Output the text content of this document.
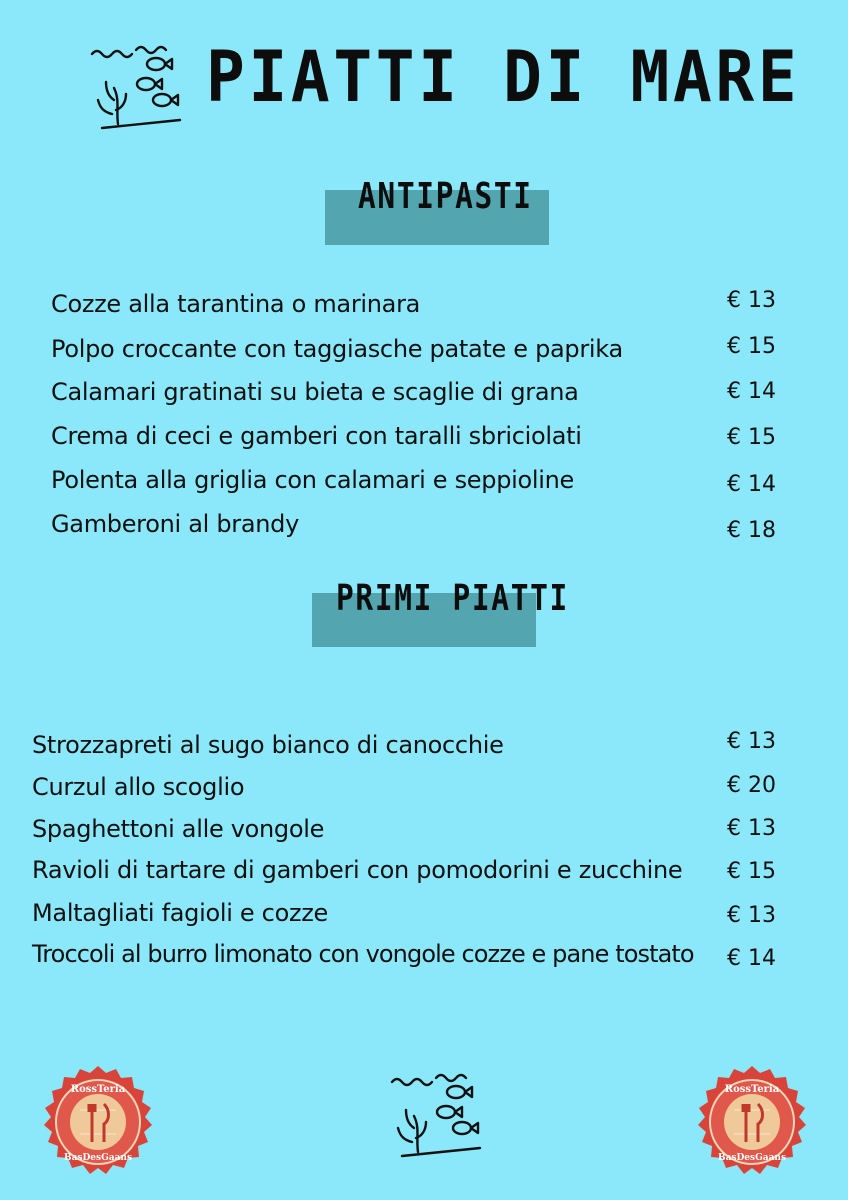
PIATTI DI MARE
ANTIPASTI
Cozze alla tarantina o marinara	€ 13
Polpo croccante con taggiasche patate e paprika	€ 15
Calamari gratinati su bieta e scaglie di grana	€ 14
Crema di ceci e gamberi con taralli sbriciolati	€ 15
Polenta alla griglia con calamari e seppioline	€ 14
Gamberoni al brandy	€ 18
PRIMI PIATTI
Strozzapreti al sugo bianco di canocchie	€ 13
Curzul allo scoglio	€ 20
Spaghettoni alle vongole	€ 13
Ravioli di tartare di gamberi con pomodorini e zucchine € 15
Maltagliati fagioli e cozze	€ 13
Troccoli al burro limonato con vongole cozze e pane tostato € 14
RossTeria
BasDesGaans
RossTeria
BasDesGaans
